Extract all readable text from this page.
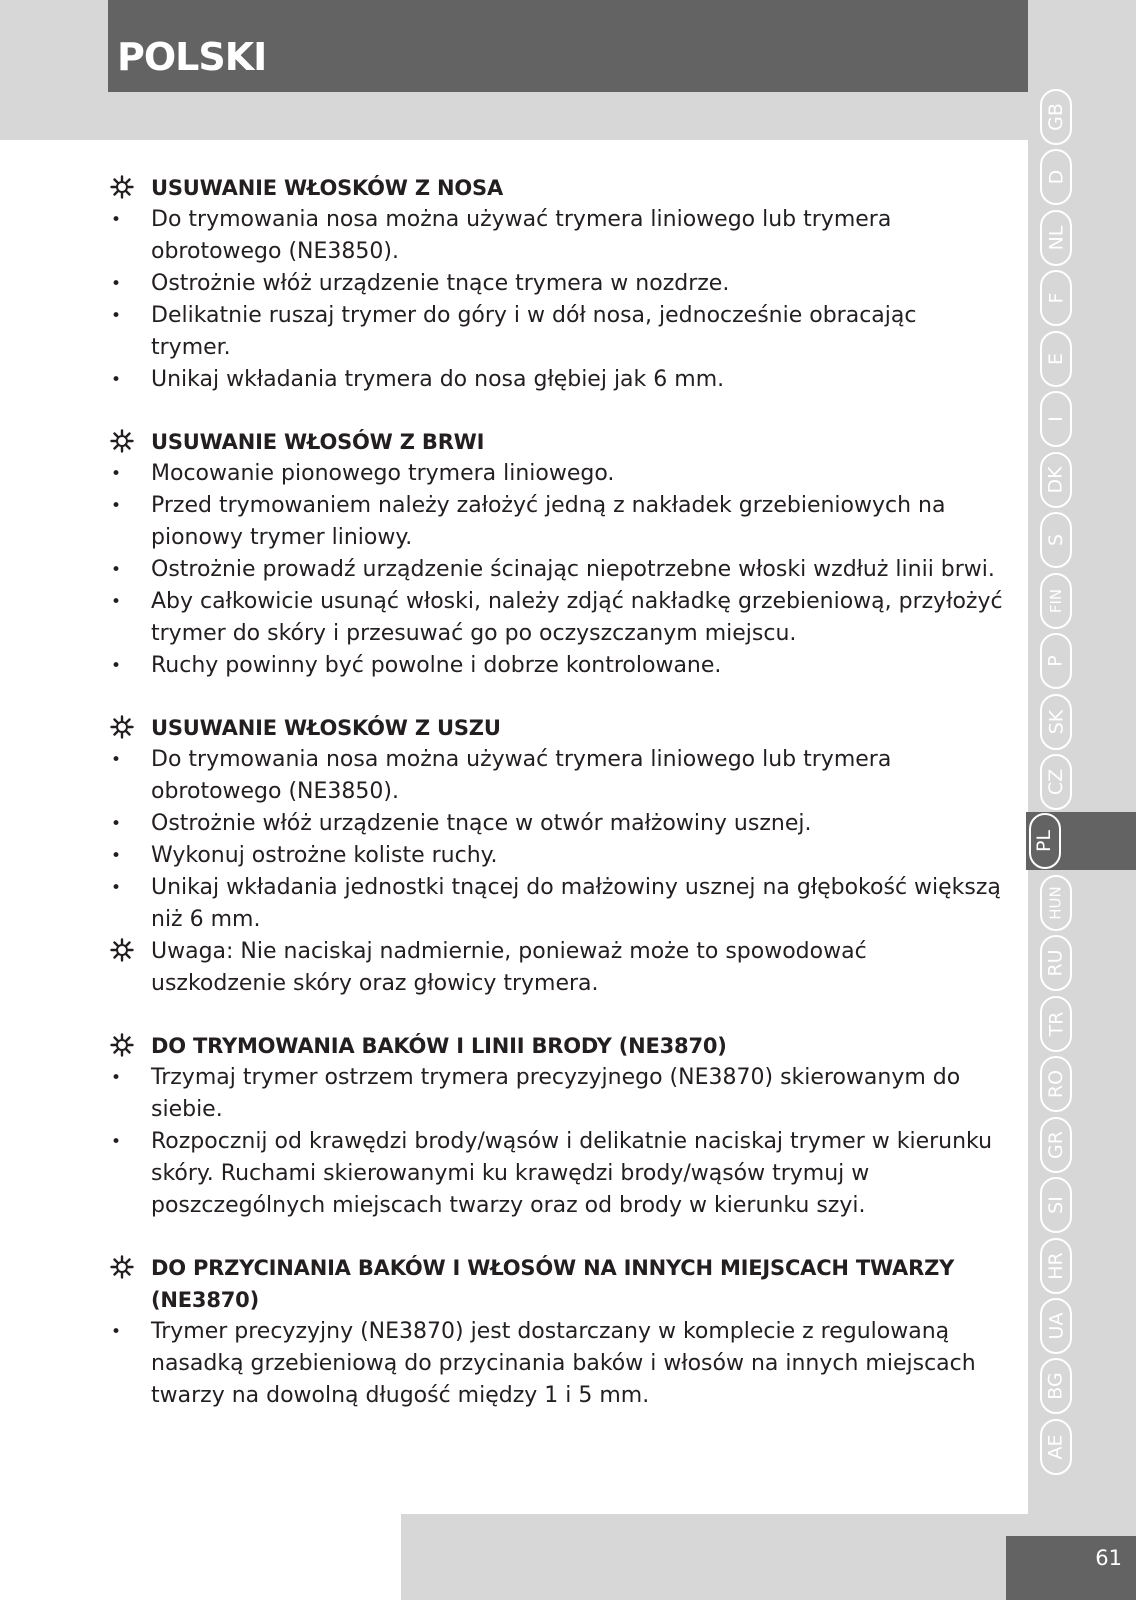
POLSKI
61
GB
D
NL
F
E
I
DK
S
FIN
P
SK
CZ
PL
HUN
RU
TR
RO
GR
SI
HR
UA
BG
AE
USUWANIE WŁOSKÓW Z NOSA
• Do trymowania nosa można używać trymera liniowego lub trymera obrotowego (NE3850).
• Ostrożnie włóż urządzenie tnące trymera w nozdrze.
• Delikatnie ruszaj trymer do góry i w dół nosa, jednocześnie obracając trymer.
• Unikaj wkładania trymera do nosa głębiej jak 6 mm.
USUWANIE WŁOSÓW Z BRWI
• Mocowanie pionowego trymera liniowego.
• Przed trymowaniem należy założyć jedną z nakładek grzebieniowych na pionowy trymer liniowy.
• Ostrożnie prowadź urządzenie ścinając niepotrzebne włoski wzdłuż linii brwi.
• Aby całkowicie usunąć włoski, należy zdjąć nakładkę grzebieniową, przyłożyć trymer do skóry i przesuwać go po oczyszczanym miejscu.
• Ruchy powinny być powolne i dobrze kontrolowane.
USUWANIE WŁOSKÓW Z USZU
• Do trymowania nosa można używać trymera liniowego lub trymera obrotowego (NE3850).
• Ostrożnie włóż urządzenie tnące w otwór małżowiny usznej.
• Wykonuj ostrożne koliste ruchy.
• Unikaj wkładania jednostki tnącej do małżowiny usznej na głębokość większą niż 6 mm.
Uwaga: Nie naciskaj nadmiernie, ponieważ może to spowodować uszkodzenie skóry oraz głowicy trymera.
DO TRYMOWANIA BAKÓW I LINII BRODY (NE3870)
• Trzymaj trymer ostrzem trymera precyzyjnego (NE3870) skierowanym do siebie.
• Rozpocznij od krawędzi brody/wąsów i delikatnie naciskaj trymer w kierunku skóry. Ruchami skierowanymi ku krawędzi brody/wąsów trymuj w poszczególnych miejscach twarzy oraz od brody w kierunku szyi.
DO PRZYCINANIA BAKÓW I WŁOSÓW NA INNYCH MIEJSCACH TWARZY (NE3870)
• Trymer precyzyjny (NE3870) jest dostarczany w komplecie z regulowaną nasadką grzebieniową do przycinania baków i włosów na innych miejscach twarzy na dowolną długość między 1 i 5 mm.
